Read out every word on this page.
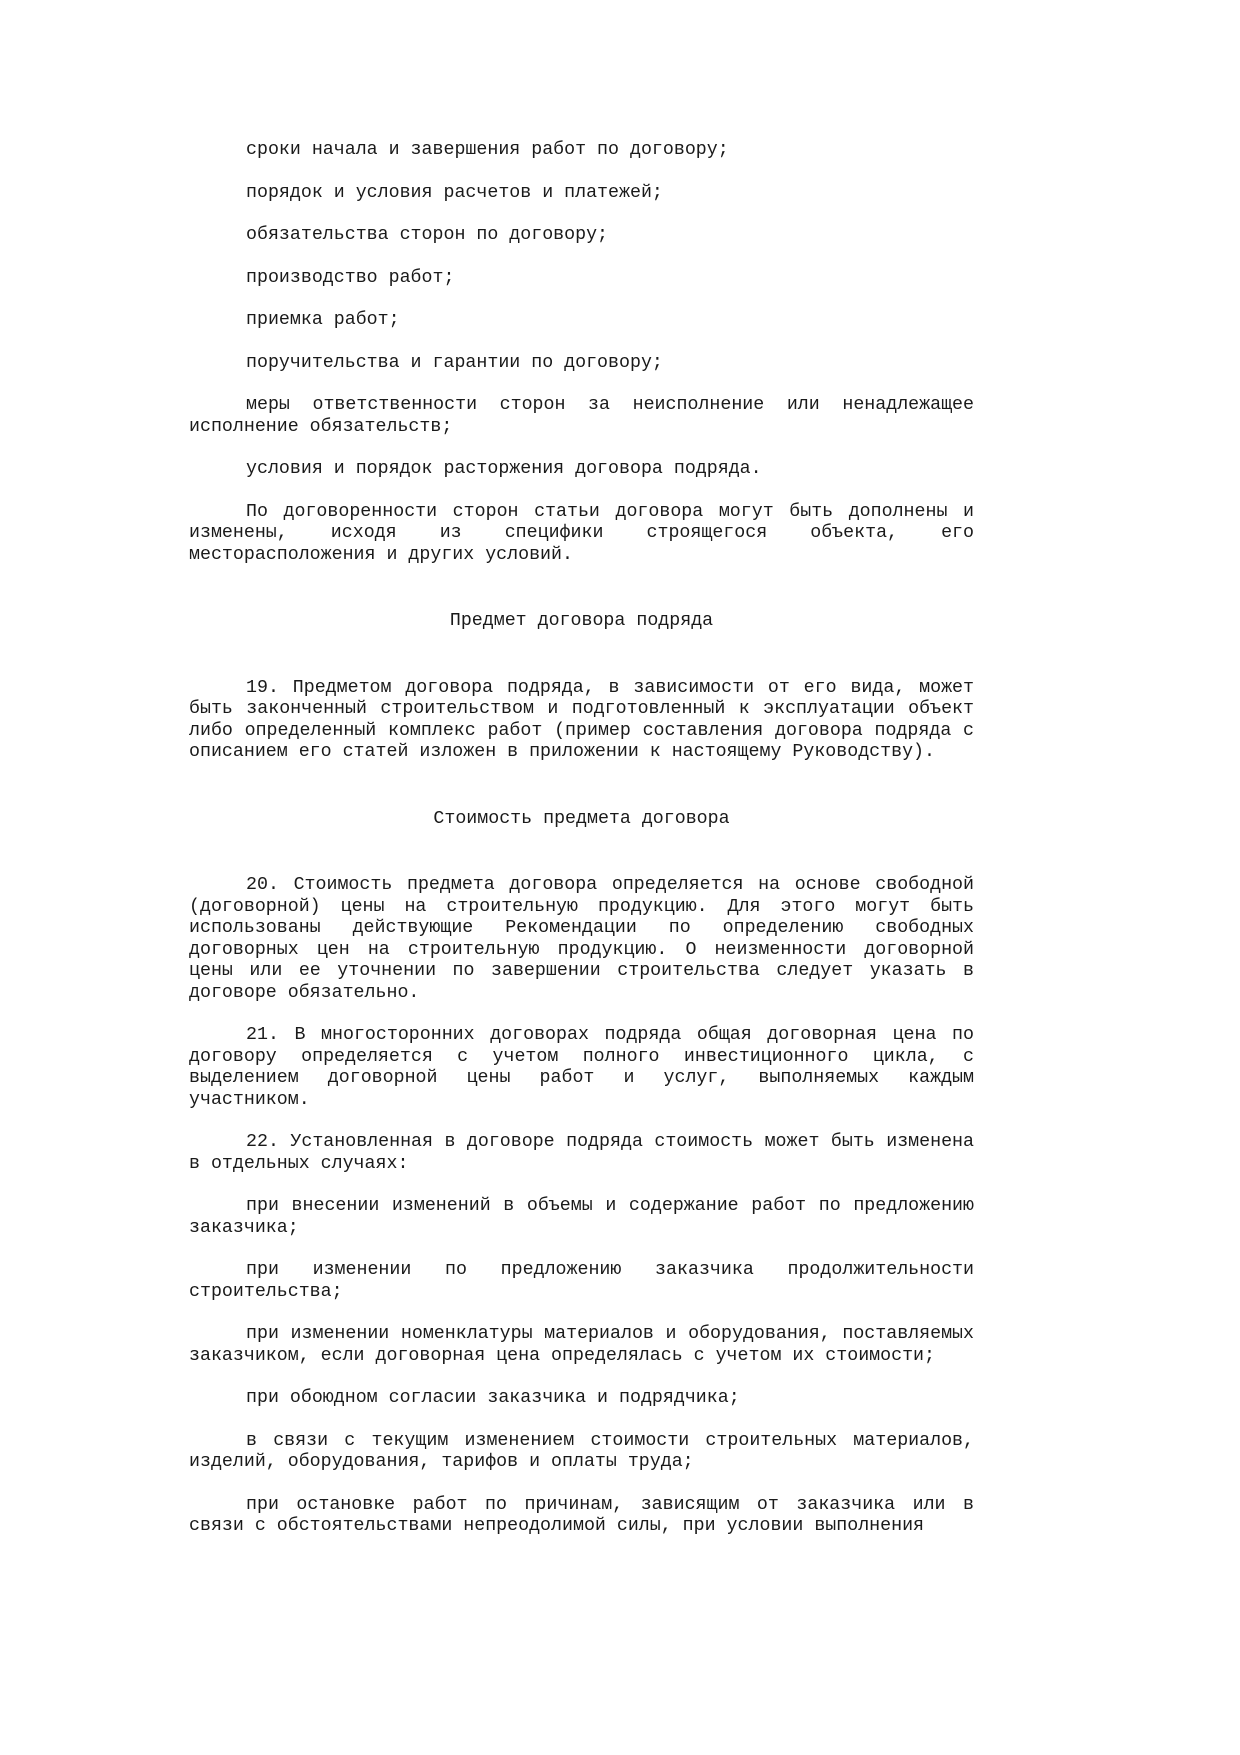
сроки начала и завершения работ по договору;

порядок и условия расчетов и платежей;

обязательства сторон по договору;

производство работ;

приемка работ;

поручительства и гарантии по договору;

меры ответственности сторон за неисполнение или ненадлежащее исполнение обязательств;

условия и порядок расторжения договора подряда.

По договоренности сторон статьи договора могут быть дополнены и изменены, исходя из специфики строящегося объекта, его месторасположения и других условий.

Предмет договора подряда

19. Предметом договора подряда, в зависимости от его вида, может быть законченный строительством и подготовленный к эксплуатации объект либо определенный комплекс работ (пример составления договора подряда с описанием его статей изложен в приложении к настоящему Руководству).

Стоимость предмета договора

20. Стоимость предмета договора определяется на основе свободной (договорной) цены на строительную продукцию. Для этого могут быть использованы действующие Рекомендации по определению свободных договорных цен на строительную продукцию. О неизменности договорной цены или ее уточнении по завершении строительства следует указать в договоре обязательно.

21. В многосторонних договорах подряда общая договорная цена по договору определяется с учетом полного инвестиционного цикла, с выделением договорной цены работ и услуг, выполняемых каждым участником.

22. Установленная в договоре подряда стоимость может быть изменена в отдельных случаях:

при внесении изменений в объемы и содержание работ по предложению заказчика;

при изменении по предложению заказчика продолжительности строительства;

при изменении номенклатуры материалов и оборудования, поставляемых заказчиком, если договорная цена определялась с учетом их стоимости;

при обоюдном согласии заказчика и подрядчика;

в связи с текущим изменением стоимости строительных материалов, изделий, оборудования, тарифов и оплаты труда;

при остановке работ по причинам, зависящим от заказчика или в связи с обстоятельствами непреодолимой силы, при условии выполнения
